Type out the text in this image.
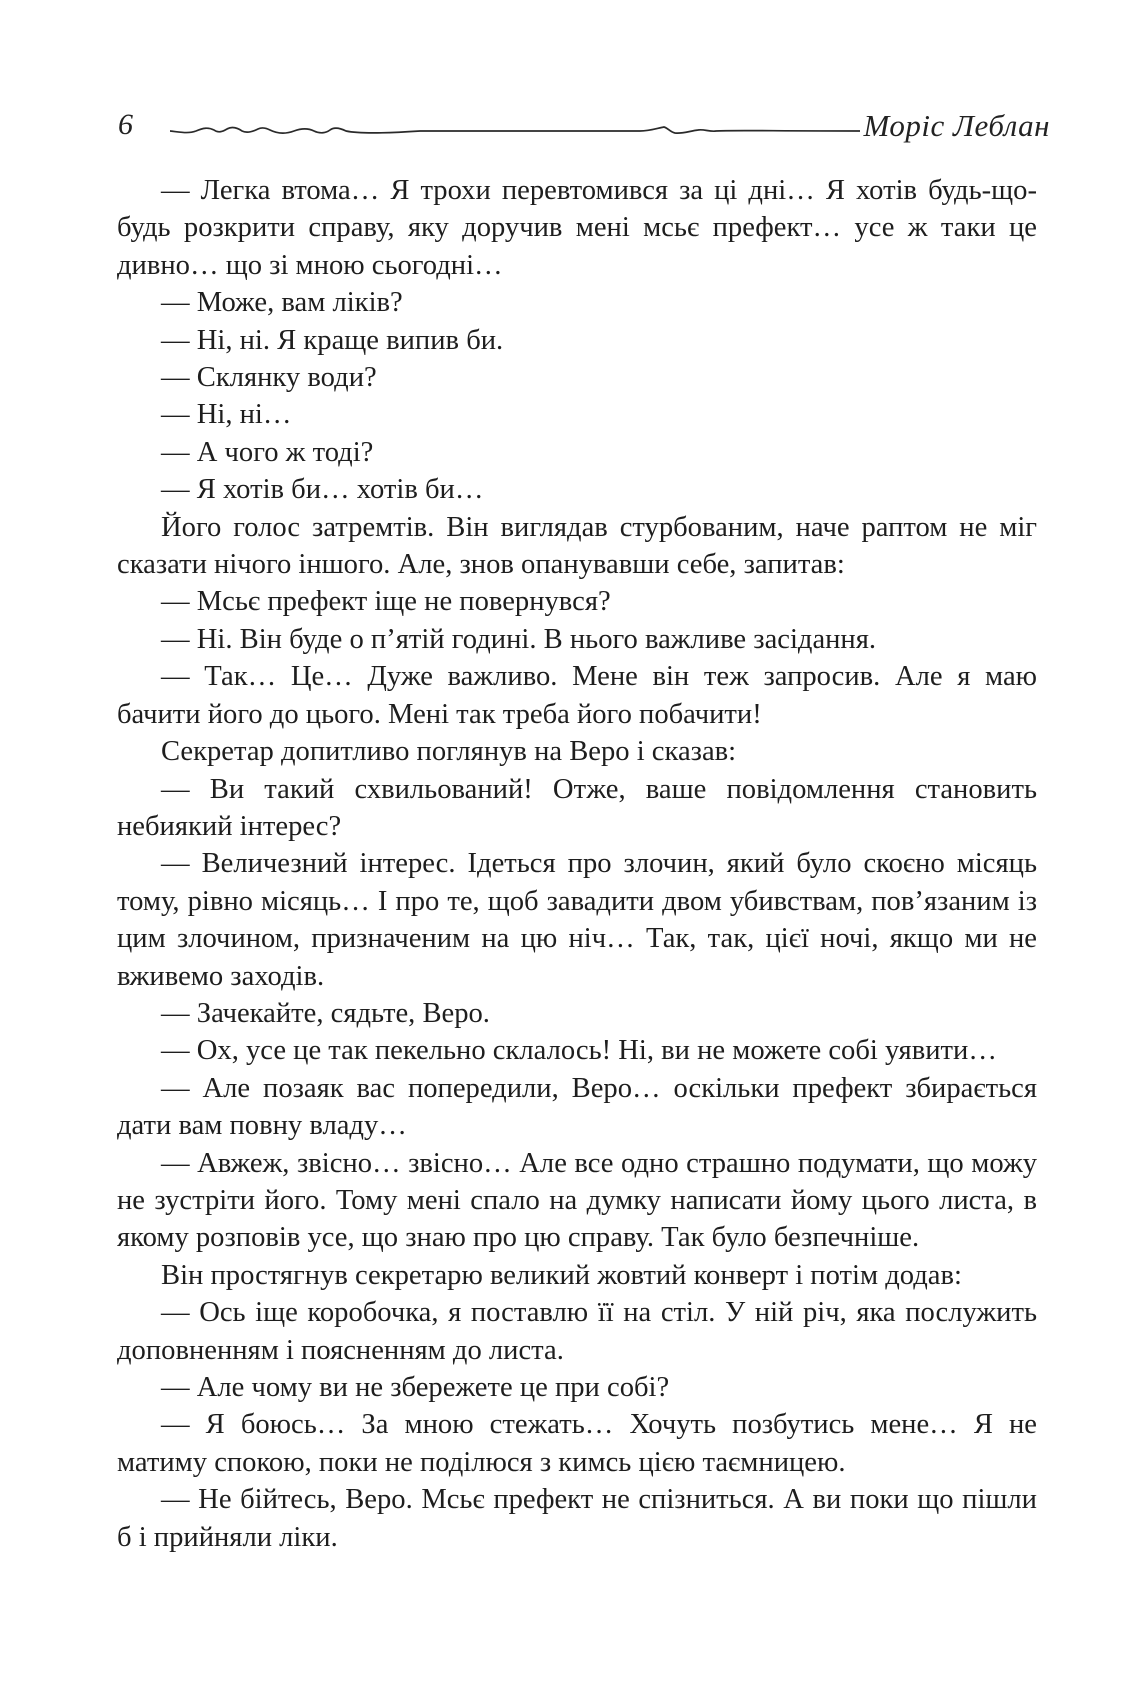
6	Моріс Леблан

— Легка втома… Я трохи перевтомився за ці дні… Я хотів будь-що-будь розкрити справу, яку доручив мені мсьє префект… усе ж таки це дивно… що зі мною сьогодні…

— Може, вам ліків?

— Ні, ні. Я краще випив би.

— Склянку води?

— Ні, ні…

— А чого ж тоді?

— Я хотів би… хотів би…

Його голос затремтів. Він виглядав стурбованим, наче раптом не міг сказати нічого іншого. Але, знов опанувавши себе, запитав:

— Мсьє префект іще не повернувся?

— Ні. Він буде о п’ятій годині. В нього важливе засідання.

— Так… Це… Дуже важливо. Мене він теж запросив. Але я маю бачити його до цього. Мені так треба його побачити!

Секретар допитливо поглянув на Веро і сказав:

— Ви такий схвильований! Отже, ваше повідомлення становить небиякий інтерес?

— Величезний інтерес. Ідеться про злочин, який було скоєно місяць тому, рівно місяць… І про те, щоб завадити двом убивствам, пов’язаним із цим злочином, призначеним на цю ніч… Так, так, цієї ночі, якщо ми не вживемо заходів.

— Зачекайте, сядьте, Веро.

— Ох, усе це так пекельно склалось! Ні, ви не можете собі уявити…

— Але позаяк вас попередили, Веро… оскільки префект збирається дати вам повну владу…

— Авжеж, звісно… звісно… Але все одно страшно подумати, що можу не зустріти його. Тому мені спало на думку написати йому цього листа, в якому розповів усе, що знаю про цю справу. Так було безпечніше.

Він простягнув секретарю великий жовтий конверт і потім додав:

— Ось іще коробочка, я поставлю її на стіл. У ній річ, яка послужить доповненням і поясненням до листа.

— Але чому ви не збережете це при собі?

— Я боюсь… За мною стежать… Хочуть позбутись мене… Я не матиму спокою, поки не поділюся з кимсь цією таємницею.

— Не бійтесь, Веро. Мсьє префект не спізниться. А ви поки що пішли б і прийняли ліки.
